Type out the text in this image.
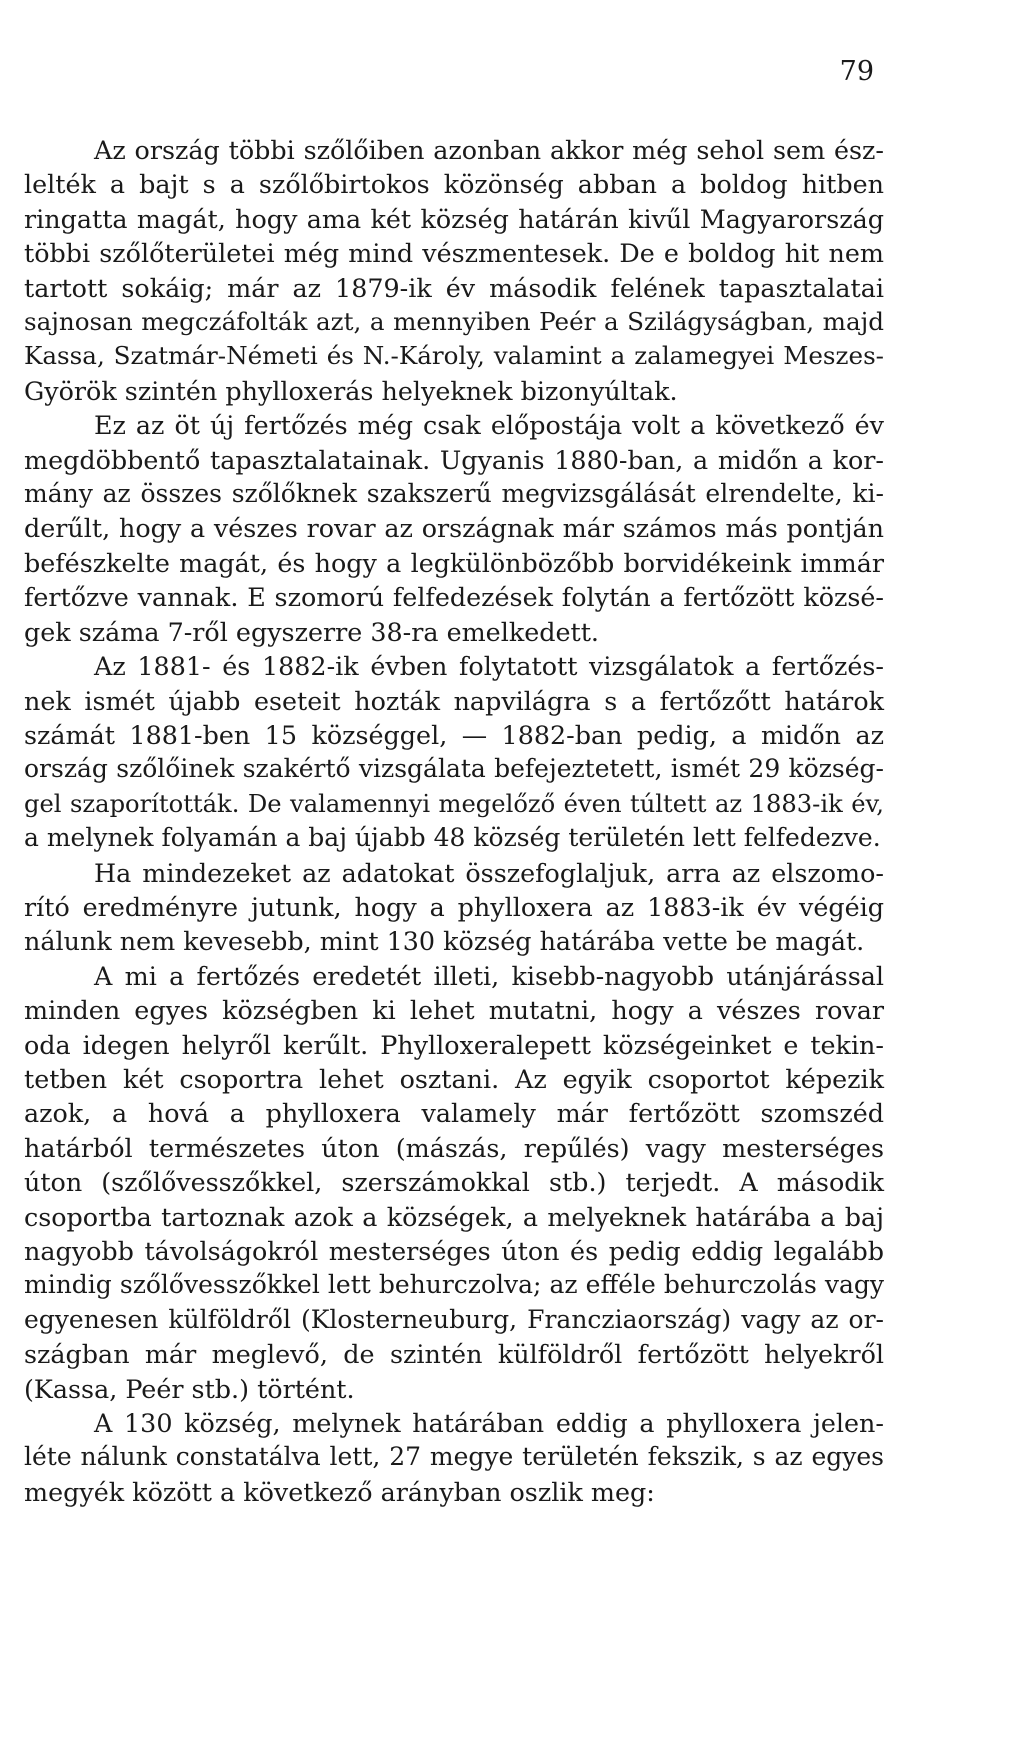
79
Az ország többi szőlőiben azonban akkor még sehol sem ész-
lelték a bajt s a szőlőbirtokos közönség abban a boldog hitben
ringatta magát, hogy ama két község határán kivűl Magyarország
többi szőlőterületei még mind vészmentesek. De e boldog hit nem
tartott sokáig; már az 1879-ik év második felének tapasztalatai
sajnosan megczáfolták azt, a mennyiben Peér a Szilágyságban, majd
Kassa, Szatmár-Németi és N.-Károly, valamint a zalamegyei Meszes-
Györök szintén phylloxerás helyeknek bizonyúltak.
Ez az öt új fertőzés még csak előpostája volt a következő év
megdöbbentő tapasztalatainak. Ugyanis 1880-ban, a midőn a kor-
mány az összes szőlőknek szakszerű megvizsgálását elrendelte, ki-
derűlt, hogy a vészes rovar az országnak már számos más pontján
befészkelte magát, és hogy a legkülönbözőbb borvidékeink immár
fertőzve vannak. E szomorú felfedezések folytán a fertőzött közsé-
gek száma 7-ről egyszerre 38-ra emelkedett.
Az 1881- és 1882-ik évben folytatott vizsgálatok a fertőzés-
nek ismét újabb eseteit hozták napvilágra s a fertőzőtt határok
számát 1881-ben 15 községgel, — 1882-ban pedig, a midőn az
ország szőlőinek szakértő vizsgálata befejeztetett, ismét 29 község-
gel szaporították. De valamennyi megelőző éven túltett az 1883-ik év,
a melynek folyamán a baj újabb 48 község területén lett felfedezve.
Ha mindezeket az adatokat összefoglaljuk, arra az elszomo-
rító eredményre jutunk, hogy a phylloxera az 1883-ik év végéig
nálunk nem kevesebb, mint 130 község határába vette be magát.
A mi a fertőzés eredetét illeti, kisebb-nagyobb utánjárással
minden egyes községben ki lehet mutatni, hogy a vészes rovar
oda idegen helyről kerűlt. Phylloxeralepett községeinket e tekin-
tetben két csoportra lehet osztani. Az egyik csoportot képezik
azok, a hová a phylloxera valamely már fertőzött szomszéd
határból természetes úton (mászás, repűlés) vagy mesterséges
úton (szőlővesszőkkel, szerszámokkal stb.) terjedt. A második
csoportba tartoznak azok a községek, a melyeknek határába a baj
nagyobb távolságokról mesterséges úton és pedig eddig legalább
mindig szőlővesszőkkel lett behurczolva; az efféle behurczolás vagy
egyenesen külföldről (Klosterneuburg, Francziaország) vagy az or-
szágban már meglevő, de szintén külföldről fertőzött helyekről
(Kassa, Peér stb.) történt.
A 130 község, melynek határában eddig a phylloxera jelen-
léte nálunk constatálva lett, 27 megye területén fekszik, s az egyes
megyék között a következő arányban oszlik meg:
